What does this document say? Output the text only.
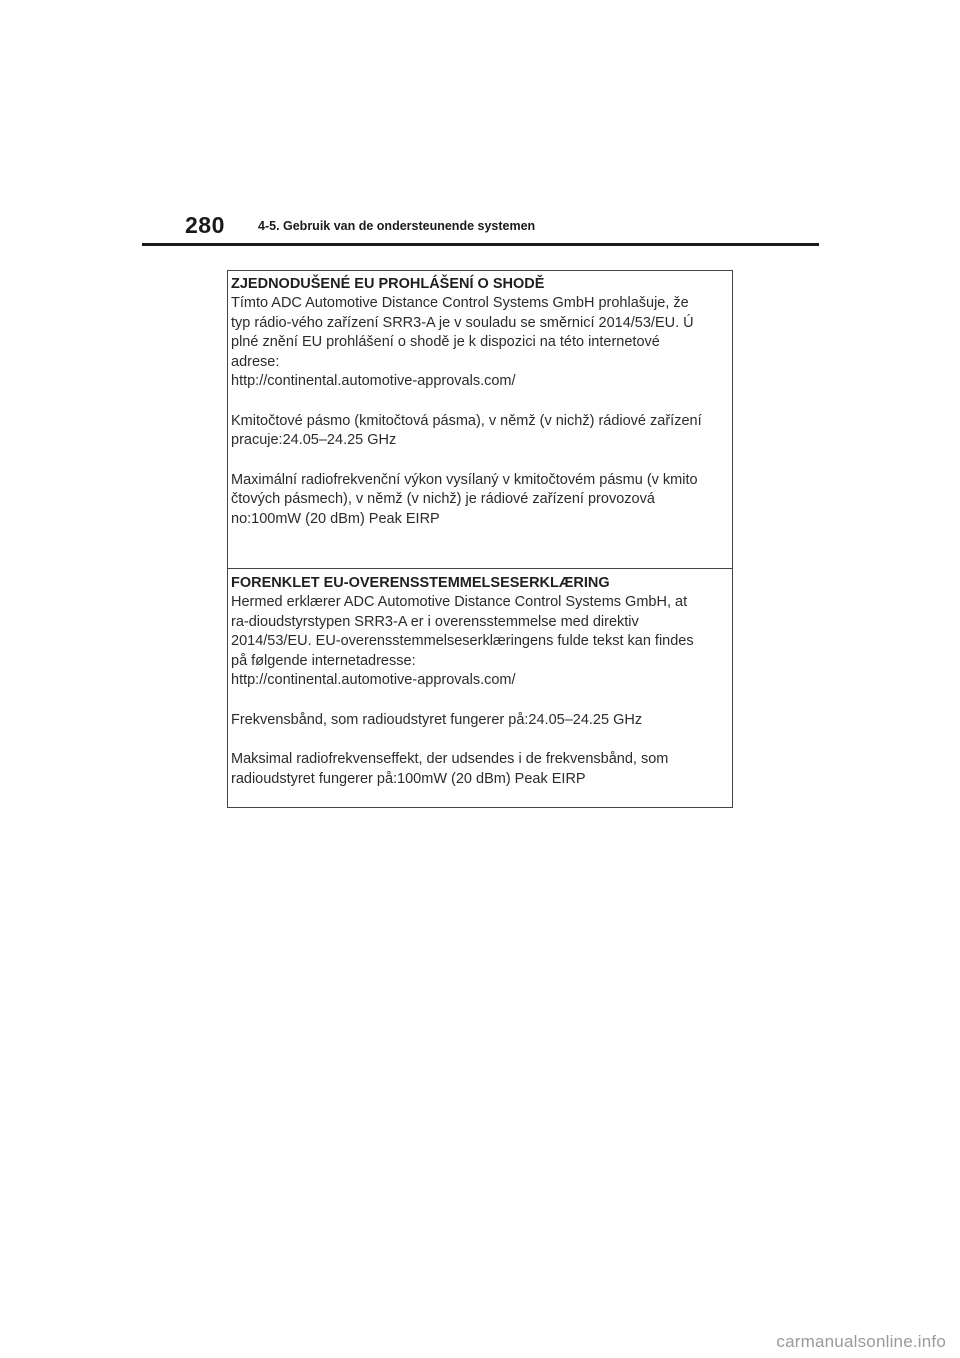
280	4-5. Gebruik van de ondersteunende systemen
ZJEDNODUŠENÉ EU PROHLÁŠENÍ O SHODĚ

Tímto ADC Automotive Distance Control Systems GmbH prohlašuje, že
typ rádio-vého zařízení SRR3-A je v souladu se směrnicí 2014/53/EU. Ú
plné znění EU prohlášení o shodě je k dispozici na této internetové
adrese:
http://continental.automotive-approvals.com/

Kmitočtové pásmo (kmitočtová pásma), v němž (v nichž) rádiové zařízení
pracuje:24.05–24.25 GHz

Maximální radiofrekvenční výkon vysílaný v kmitočtovém pásmu (v kmito
čtových pásmech), v němž (v nichž) je rádiové zařízení provozová
no:100mW (20 dBm) Peak EIRP

FORENKLET EU-OVERENSSTEMMELSESERKLÆRING

Hermed erklærer ADC Automotive Distance Control Systems GmbH, at
ra-dioudstyrstypen SRR3-A er i overensstemmelse med direktiv
2014/53/EU. EU-overensstemmelseserklæringens fulde tekst kan findes
på følgende internetadresse:
http://continental.automotive-approvals.com/

Frekvensbånd, som radioudstyret fungerer på:24.05–24.25 GHz

Maksimal radiofrekvenseffekt, der udsendes i de frekvensbånd, som
radioudstyret fungerer på:100mW (20 dBm) Peak EIRP

carmanualsonline.info
